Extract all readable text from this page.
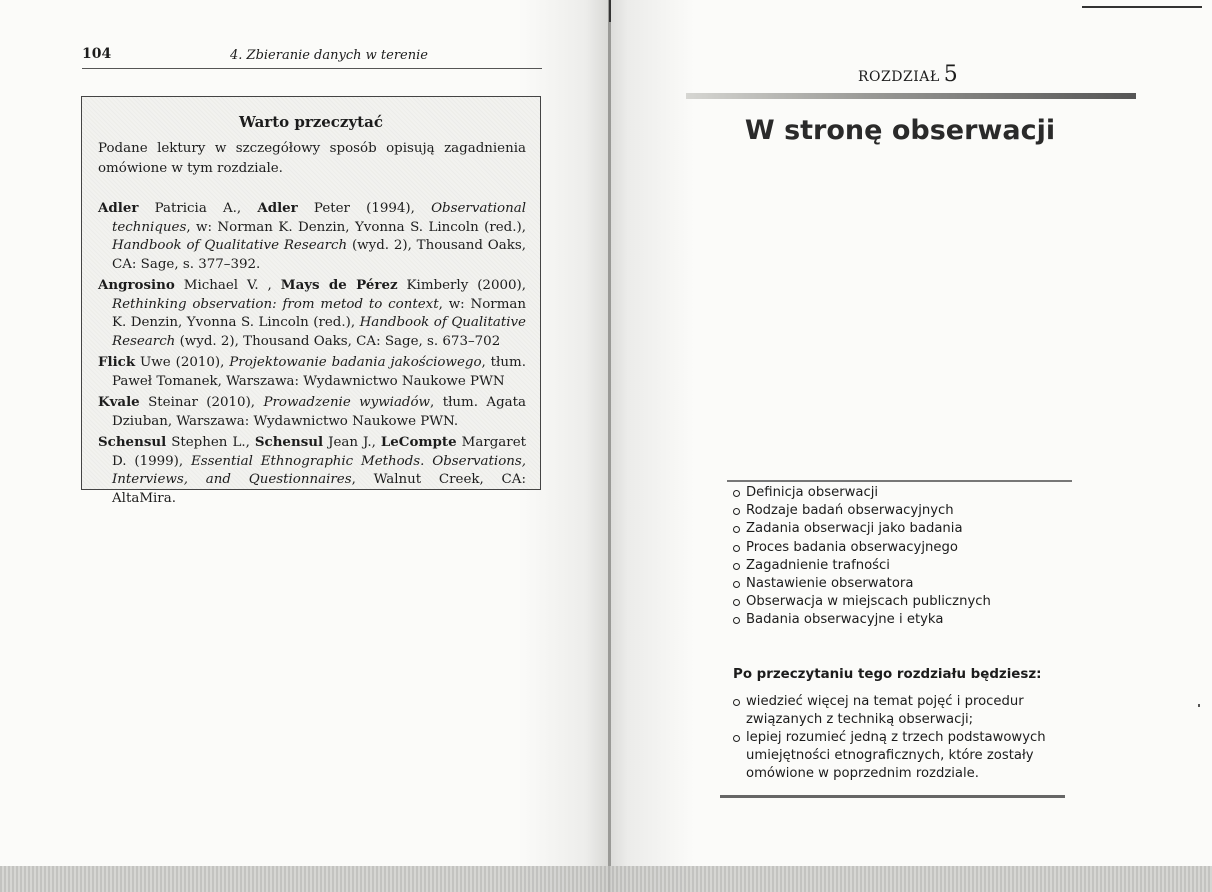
104	4. Zbieranie danych w terenie
Warto przeczytać
Podane lektury w szczegółowy sposób opisują zagadnienia omówione w tym rozdziale.
Adler Patricia A., Adler Peter (1994), Observational techniques, w: Norman K. Denzin, Yvonna S. Lincoln (red.), Handbook of Qualitative Research (wyd. 2), Thousand Oaks, CA: Sage, s. 377–392.
Angrosino Michael V. , Mays de Pérez Kimberly (2000), Rethinking observation: from metod to context, w: Norman K. Denzin, Yvonna S. Lincoln (red.), Handbook of Qualitative Research (wyd. 2), Thousand Oaks, CA: Sage, s. 673–702
Flick Uwe (2010), Projektowanie badania jakościowego, tłum. Paweł Tomanek, Warszawa: Wydawnictwo Naukowe PWN
Kvale Steinar (2010), Prowadzenie wywiadów, tłum. Agata Dziuban, Warszawa: Wydawnictwo Naukowe PWN.
Schensul Stephen L., Schensul Jean J., LeCompte Margaret D. (1999), Essential Ethnographic Methods. Observations, Interviews, and Questionnaires, Walnut Creek, CA: AltaMira.
ROZDZIAŁ 5
W stronę obserwacji
Definicja obserwacji
Rodzaje badań obserwacyjnych
Zadania obserwacji jako badania
Proces badania obserwacyjnego
Zagadnienie trafności
Nastawienie obserwatora
Obserwacja w miejscach publicznych
Badania obserwacyjne i etyka
Po przeczytaniu tego rozdziału będziesz:
wiedzieć więcej na temat pojęć i procedur związanych z techniką obserwacji;
lepiej rozumieć jedną z trzech podstawowych umiejętności etnograficznych, które zostały omówione w poprzednim rozdziale.
